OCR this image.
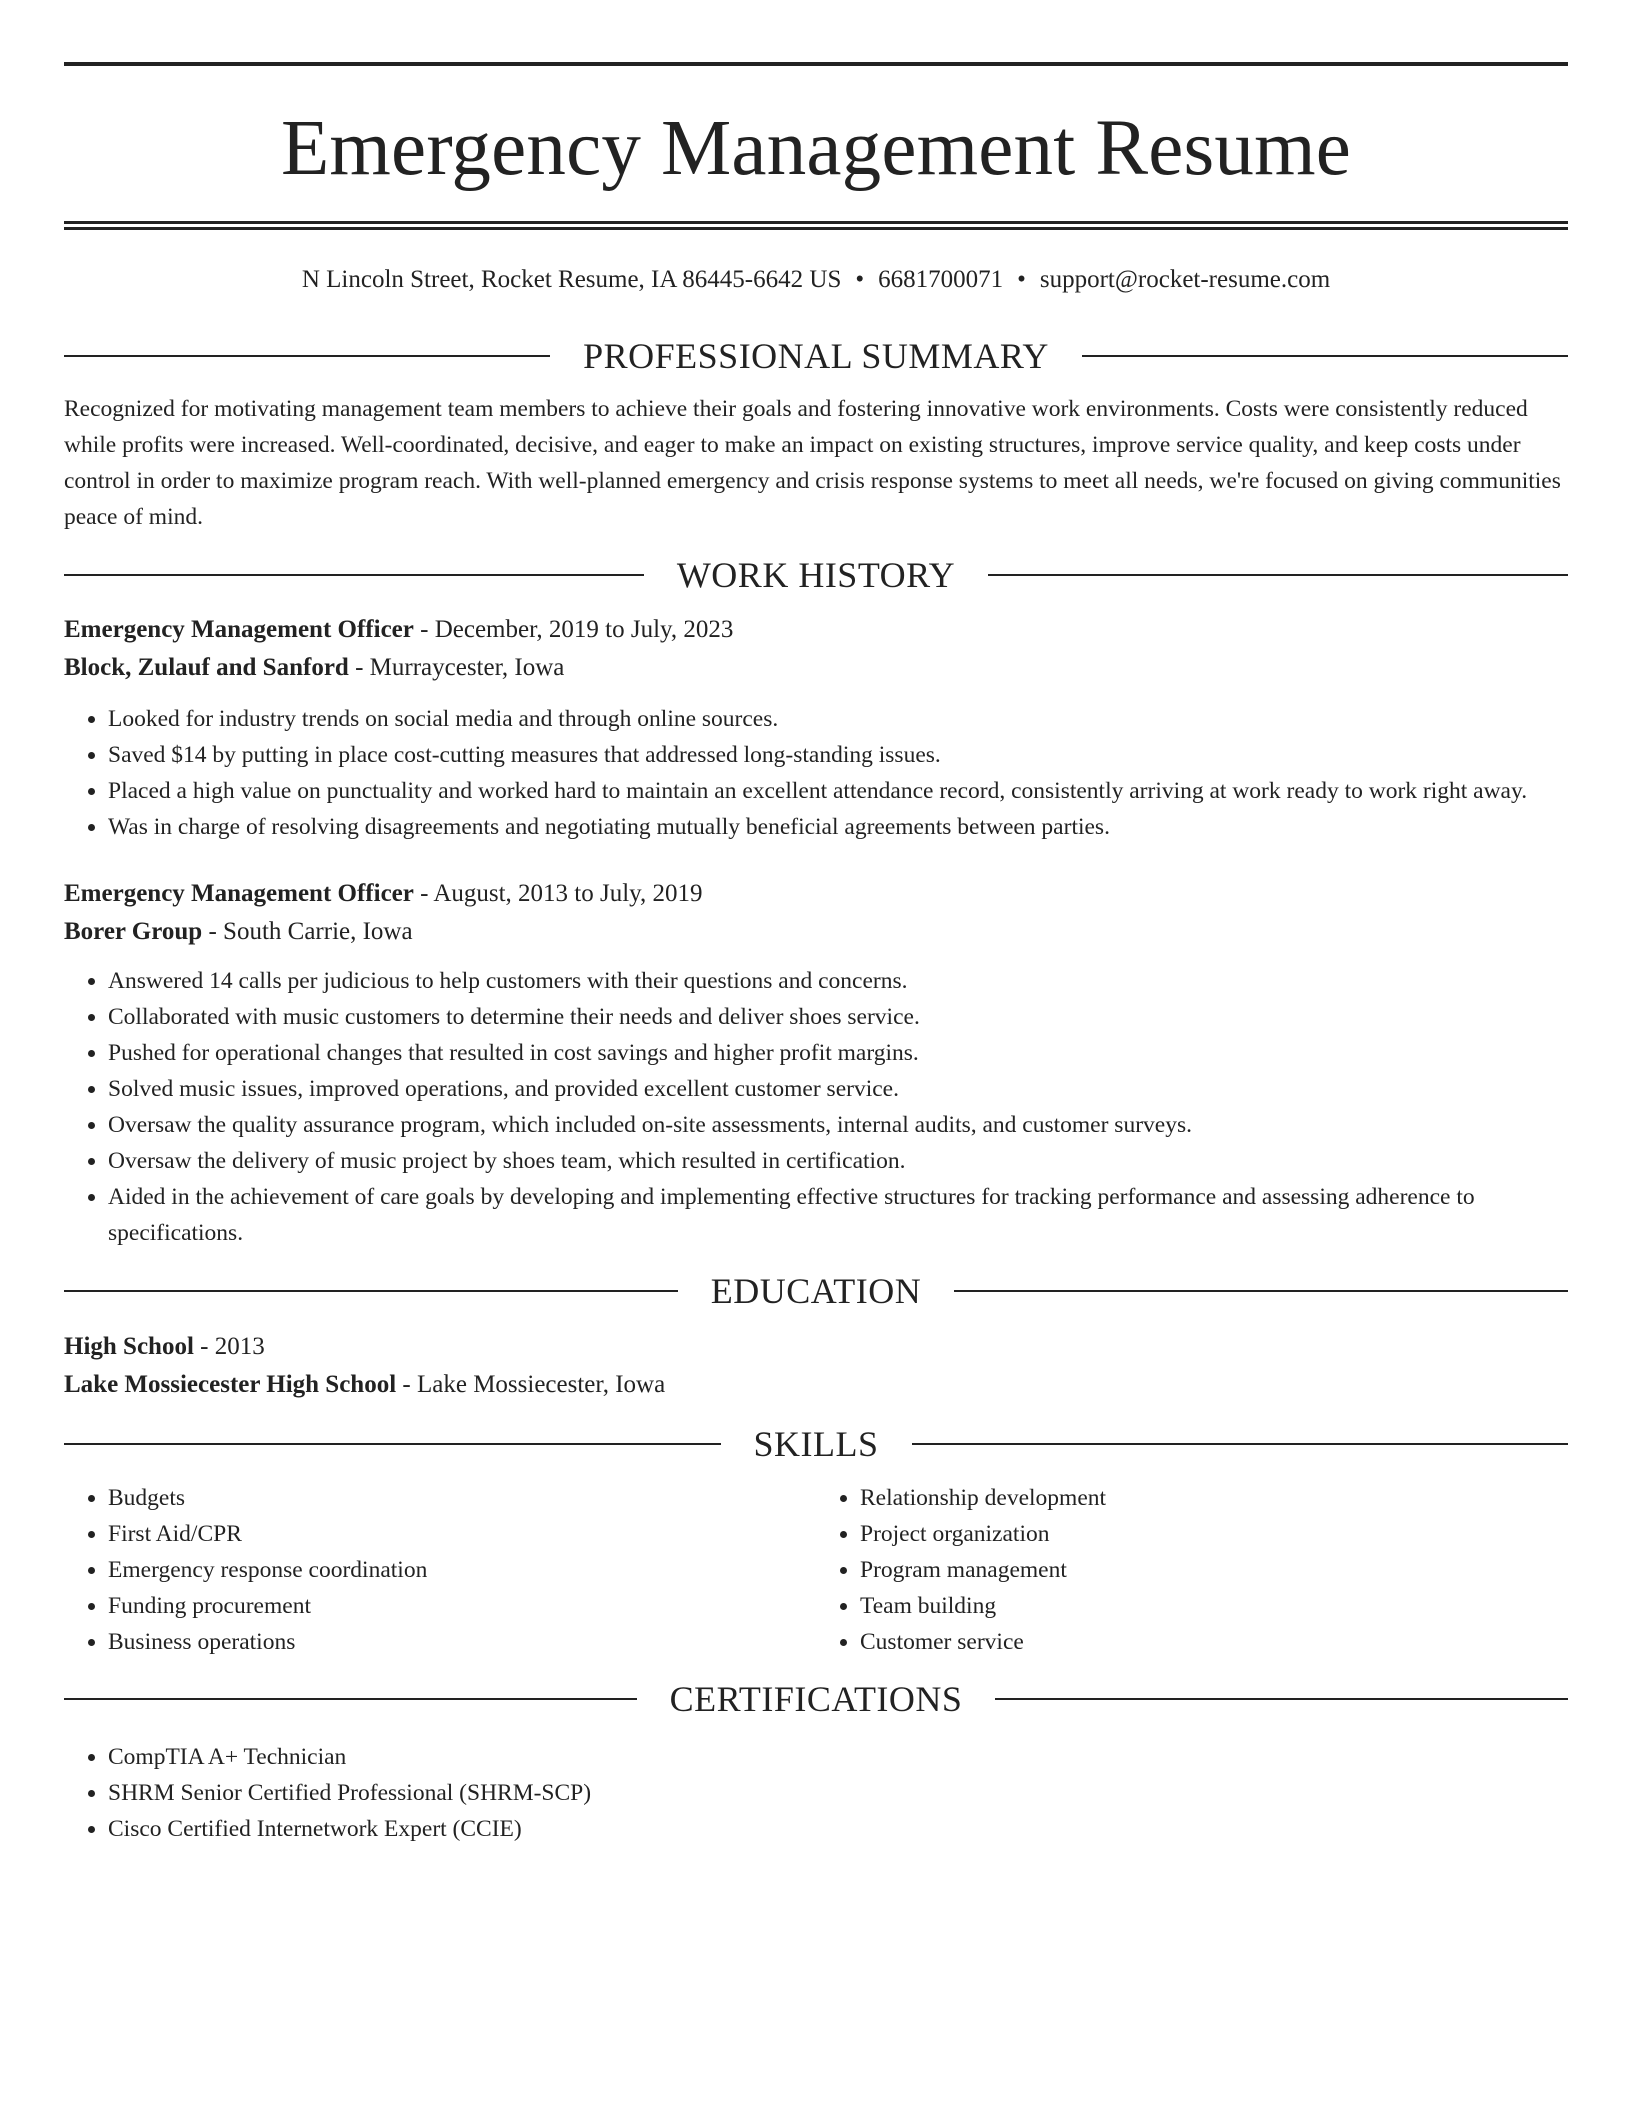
Emergency Management Resume
N Lincoln Street, Rocket Resume, IA 86445-6642 US • 6681700071 • support@rocket-resume.com
PROFESSIONAL SUMMARY

Recognized for motivating management team members to achieve their goals and fostering innovative work environments. Costs were consistently reduced while profits were increased. Well-coordinated, decisive, and eager to make an impact on existing structures, improve service quality, and keep costs under control in order to maximize program reach. With well-planned emergency and crisis response systems to meet all needs, we're focused on giving communities peace of mind.

WORK HISTORY
Emergency Management Officer - December, 2019 to July, 2023
Block, Zulauf and Sanford - Murraycester, Iowa
• Looked for industry trends on social media and through online sources.
• Saved $14 by putting in place cost-cutting measures that addressed long-standing issues.
• Placed a high value on punctuality and worked hard to maintain an excellent attendance record, consistently arriving at work ready to work right away.
• Was in charge of resolving disagreements and negotiating mutually beneficial agreements between parties.
Emergency Management Officer - August, 2013 to July, 2019
Borer Group - South Carrie, Iowa
• Answered 14 calls per judicious to help customers with their questions and concerns.
• Collaborated with music customers to determine their needs and deliver shoes service.
• Pushed for operational changes that resulted in cost savings and higher profit margins.
• Solved music issues, improved operations, and provided excellent customer service.
• Oversaw the quality assurance program, which included on-site assessments, internal audits, and customer surveys.
• Oversaw the delivery of music project by shoes team, which resulted in certification.
• Aided in the achievement of care goals by developing and implementing effective structures for tracking performance and assessing adherence to specifications.
EDUCATION
High School - 2013
Lake Mossiecester High School - Lake Mossiecester, Iowa
SKILLS
• Budgets
• First Aid/CPR
• Emergency response coordination
• Funding procurement
• Business operations
• Relationship development
• Project organization
• Program management
• Team building
• Customer service
CERTIFICATIONS
• CompTIA A+ Technician
• SHRM Senior Certified Professional (SHRM-SCP)
• Cisco Certified Internetwork Expert (CCIE)
